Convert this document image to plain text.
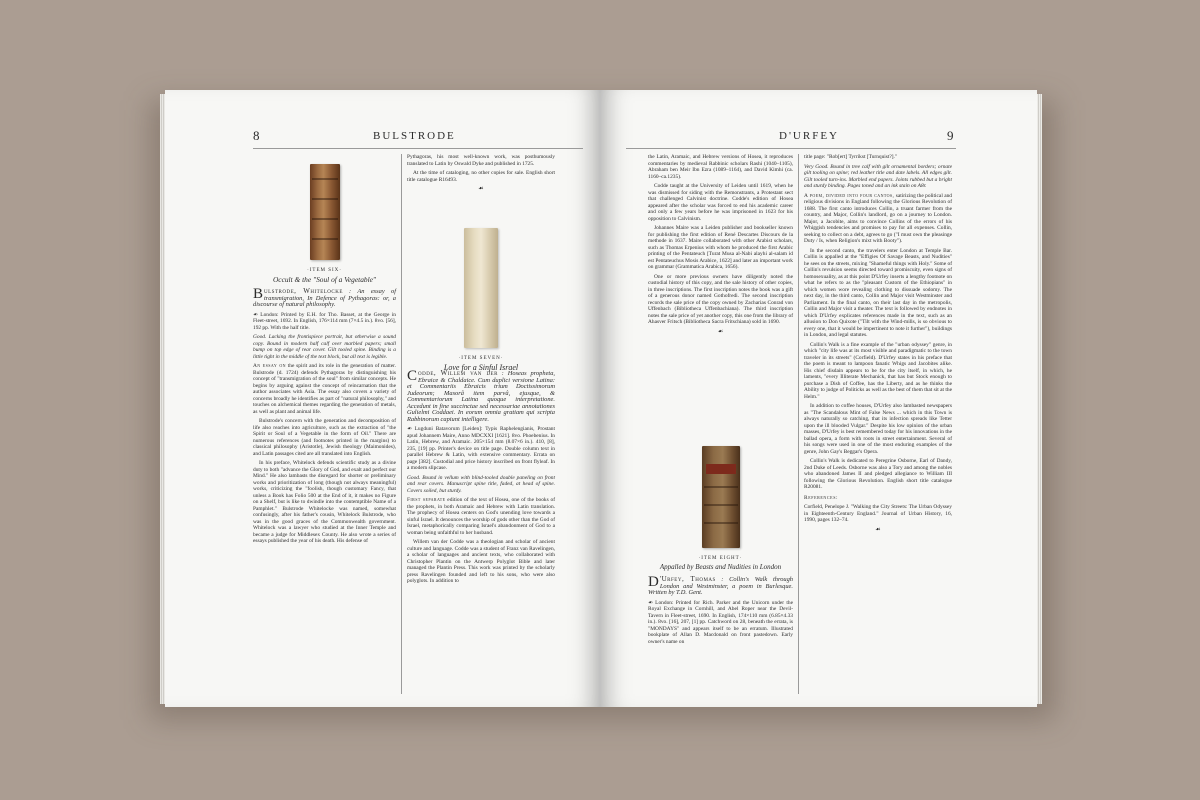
8	BULSTRODE
·ITEM SIX·
Occult & the "Soul of a Vegetable"

Bulstrode, Whitelocke : An essay of transmigration, In Defence of Pythagoras: or, a discourse of natural philosophy.

☙ London: Printed by E.H. for Tho. Basset, at the George in Fleet-street, 1692. In English, 176×114 mm (7×4.5 in.). 8vo. [56], 192 pp. With the half title.

Good. Lacking the frontispiece portrait, but otherwise a sound copy. Bound in modern half calf over marbled papers; small bump on top edge of rear cover. Gilt tooled spine. Binding is a little tight in the middle of the text block, but all text is legible.

An essay on the spirit and its role in the generation of matter. Bulstrode (d. 1724) defends Pythagoras by distinguishing his concept of "transmigration of the soul" from similar concepts. He begins by arguing against the concept of reincarnation that the author associates with Asia. The essay also covers a variety of concerns broadly he identifies as part of "natural philosophy," and touches on alchemical themes regarding the generation of metals, as well as plant and animal life.

Bulstrode's concern with the generation and decomposition of life also reaches into agriculture, such as the extraction of "the Spirit or Soul of a Vegetable in the form of Oil." There are numerous references (and footnotes printed in the margins) to classical philosophy (Aristotle), Jewish theology (Maimonides), and Latin passages cited are all translated into English.

In his preface, Whitelock defends scientific study as a divine duty to both "advance the Glory of God, and exalt and perfect our Mind." He also lambasts the disregard for shorter or preliminary works and prioritization of long (though not always meaningful) works, criticizing the "foolish, though customary Fancy, that unless a Book has Folio 500 at the End of it, it makes no Figure on a Shelf, but is like to dwindle into the contemptible Name of a Pamphlet." Bulstrode Whitelocke was named, somewhat confusingly, after his father's cousin, Whitelock Bulstrode, who was in the good graces of the Commonwealth government. Whitelock was a lawyer who studied at the Inner Temple and became a judge for Middlesex County. He also wrote a series of essays published the year of his death. His defense of

Pythagoras, his most well-known work, was posthumously translated to Latin by Oswald Dyke and published in 1725.

At the time of cataloging, no other copies for sale. English short title catalogue R16493.

☙
·ITEM SEVEN·
Love for a Sinful Israel

Codde, Willem van der : Hoseas propheta, Ebraice & Chaldaice. Cum duplici versione Latina: et Commentariis Ebraicis trium Doctissimorum Judeorum; Masorâ item parvâ, ejusque, & Commentariorum Latina quoque interpretatione. Accedunt in fine succinctae sed necessariae annotationes Gulielmi Coddaei. In eorum omnia gratiam qui scripta Rabbinorum capiunt intelligere.

☙ Lugduni Batavorum [Leiden]: Typis Raphelengianis, Prostant apud Johannem Maire, Anno MDCXXI [1621]. 8vo. Phoebenius. In Latin, Hebrew, and Aramaic. 205×154 mm (8.07×6 in.). 410, [8], 235, [19] pp. Printer's device on title page. Double column text in parallel Hebrew & Latin, with extensive commentary. Errata on page [382]. Custodial and price history inscribed on front flyleaf. In a modern slipcase.

Good. Bound in vellum with blind-tooled double paneling on front and rear covers. Manuscript spine title, faded, at head of spine. Covers soiled, but sturdy.

First separate edition of the text of Hosea, one of the books of the prophets, in both Aramaic and Hebrew with Latin translation. The prophecy of Hosea centers on God's unending love towards a sinful Israel. It denounces the worship of gods other than the God of Israel, metaphorically comparing Israel's abandonment of God to a woman being unfaithful to her husband.

Willem van der Codde was a theologian and scholar of ancient culture and language. Codde was a student of Franz van Ravelingen, a scholar of languages and ancient texts, who collaborated with Christopher Plantin on the Antwerp Polyglot Bible and later managed the Plantin Press. This work was printed by the scholarly press Ravelingen founded and left to his sons, who were also polyglots. In addition to

9
D'URFEY

the Latin, Aramaic, and Hebrew versions of Hosea, it reproduces commentaries by medieval Rabbinic scholars Rashi (1040–1105), Abraham ben Meir Ibn Ezra (1089–1164), and David Kimhi (ca. 1160–ca.1235).

Codde taught at the University of Leiden until 1619, when he was dismissed for siding with the Remonstrants, a Protestant sect that challenged Calvinist doctrine. Codde's edition of Hosea appeared after the scholar was forced to end his academic career and only a few years before he was imprisoned in 1623 for his opposition to Calvinism.

Johannes Maire was a Leiden publisher and bookseller known for publishing the first edition of René Descartes Discours de la methode in 1637. Maire collaborated with other Arabist scholars, such as Thomas Erpenius with whom he produced the first Arabic printing of the Pentateuch [Turat Musa al-Nabi alayhi al-salam id est Pentateuchus Mosis Arabice, 1622] and later an important work on grammar (Grammatica Arabica, 1656).

One or more previous owners have diligently noted the custodial history of this copy, and the sale history of other copies, in three inscriptions. The first inscription notes the book was a gift of a generous donor named Gothofredi. The second inscription records the sale price of the copy owned by Zacharias Conrad von Uffenbach (Bibliotheca Uffenbachiana). The third inscription notes the sale price of yet another copy, this one from the library of Ahasver Fritsch (Bibliotheca Sacra Fritschiana) sold in 1690.

☙
·ITEM EIGHT·
Appalled by Beasts and Nudities in London

D 'Urfey, Thomas : Collin's Walk through London and Westminster, a poem in Burlesque. Written by T.D. Gent.

☙ London: Printed for Rich. Parker and the Unicorn under the Royal Exchange in Cornhill, and Abel Roper near the Devil-Tavern in Fleet-street, 1690. In English, 174×110 mm (6.85×4.33 in.). 8vo. [16], 207, [1] pp. Catchword on 28, beneath the errata, is "MONDAYS" and appears itself to be an erratum. Illustrated bookplate of Allan D. Macdonald on front pastedown. Early owner's name on

title page: "Rob[ert] Tyrrikst [Turnquist?]."

Very Good. Bound in tree calf with gilt ornamental borders; ornate gilt tooling on spine; red leather title and date labels. All edges gilt. Gilt tooled turn-ins. Marbled end papers. Joints rubbed but a bright and sturdy binding. Pages toned and an ink stain on A8r.

A poem, divided into four cantos, satirizing the political and religious divisions in England following the Glorious Revolution of 1688. The first canto introduces Collin, a truant farmer from the country, and Major, Collin's landlord, go on a journey to London. Major, a Jacobite, aims to convince Collins of the errors of his Whiggish tendencies and promises to pay for all expenses. Collin, seeking to collect on a debt, agrees to go ("I must own the pleasinge Duty / Is, when Religion's mixt with Booty").

In the second canto, the travelers enter London at Temple Bar. Collin is appalled at the "Effigies Of Savage Beasts, and Nudities" he sees on the streets, mixing "Shameful things with Holy." Some of Collin's revulsion seems directed toward promiscuity, even signs of homosexuality, as at this point D'Urfey inserts a lengthy footnote on what he refers to as the "pleasant Custom of the Ethiopians" in which women wore revealing clothing to dissuade sodomy. The next day, in the third canto, Collin and Major visit Westminster and Parliament. In the final canto, on their last day in the metropolis, Collin and Major visit a theater. The text is followed by endnotes in which D'Urfey explicates references made in the text, such as an allusion to Don Quixote ("Tilt with the Wind-mills, is so obvious to every one, that it would be impertinent to note it further"), buildings in London, and legal statutes.

Collin's Walk is a fine example of the "urban odyssey" genre, in which "city life was at its most visible and paradigmatic to the town traveler in its streets" (Corfield). D'Urfey states in his preface that the poem is meant to lampoon fanatic Whigs and Jacobites alike. His chief disdain appears to be for the city itself, in which, he laments, "every Illiterate Mechanick, that has but Stock enough to purchase a Dish of Coffee, has the Liberty, and as he thinks the Ability to judge of Politicks as well as the best of them that sit at the Helm."

In addition to coffee houses, D'Urfey also lambasted newspapers as "The Scandalous Mint of False News ... which in this Town is always naturally so catching, that its infection spreads like Tetter upon the ill blooded Vulgar." Despite his low opinion of the urban masses, D'Urfey is best remembered today for his innovations in the ballad opera, a form with roots in street entertainment. Several of his songs were used in one of the most enduring examples of the genre, John Gay's Beggar's Opera.

Collin's Walk is dedicated to Peregrine Osborne, Earl of Dandy, 2nd Duke of Leeds. Osborne was also a Tory and among the nobles who abandoned James II and pledged allegiance to William III following the Glorious Revolution. English short title catalogue R20081.

References:

Corfield, Penelope J. "Walking the City Streets: The Urban Odyssey in Eighteenth-Century England." Journal of Urban History, 16, 1990, pages 132–74.

☙
